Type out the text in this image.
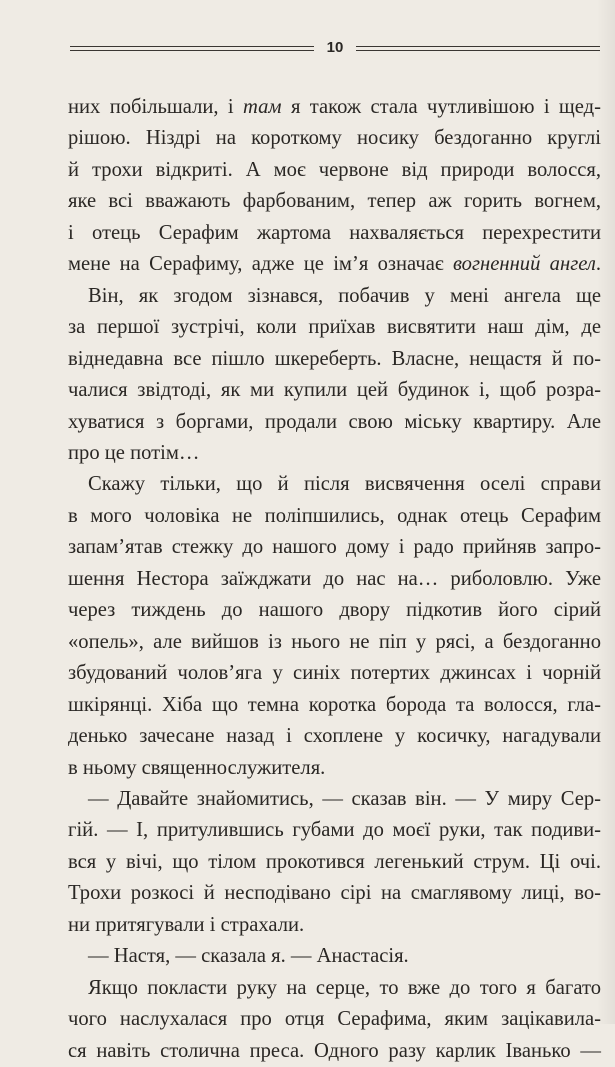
10
них побільшали, і там я також стала чутливішою і щед-
рішою. Ніздрі на короткому носику бездоганно круглі
й трохи відкриті. А моє червоне від природи волосся,
яке всі вважають фарбованим, тепер аж горить вогнем,
і отець Серафим жартома нахваляється перехрестити
мене на Серафиму, адже це ім’я означає вогненний ангел.
Він, як згодом зізнався, побачив у мені ангела ще
за першої зустрічі, коли приїхав висвятити наш дім, де
віднедавна все пішло шкереберть. Власне, нещастя й по-
чалися звідтоді, як ми купили цей будинок і, щоб розра-
хуватися з боргами, продали свою міську квартиру. Але
про це потім…
Скажу тільки, що й після висвячення оселі справи
в мого чоловіка не поліпшились, однак отець Серафим
запам’ятав стежку до нашого дому і радо прийняв запро-
шення Нестора заїжджати до нас на… риболовлю. Уже
через тиждень до нашого двору підкотив його сірий
«опель», але вийшов із нього не піп у рясі, а бездоганно
збудований чолов’яга у синіх потертих джинсах і чорній
шкірянці. Хіба що темна коротка борода та волосся, гла-
денько зачесане назад і схоплене у косичку, нагадували
в ньому священнослужителя.
— Давайте знайомитись, — сказав він. — У миру Сер-
гій. — І, притулившись губами до моєї руки, так подиви-
вся у вічі, що тілом прокотився легенький струм. Ці очі.
Трохи розкосі й несподівано сірі на смаглявому лиці, во-
ни притягували і страхали.
— Настя, — сказала я. — Анастасія.
Якщо покласти руку на серце, то вже до того я багато
чого наслухалася про отця Серафима, яким зацікавила-
ся навіть столична преса. Одного разу карлик Іванько —
